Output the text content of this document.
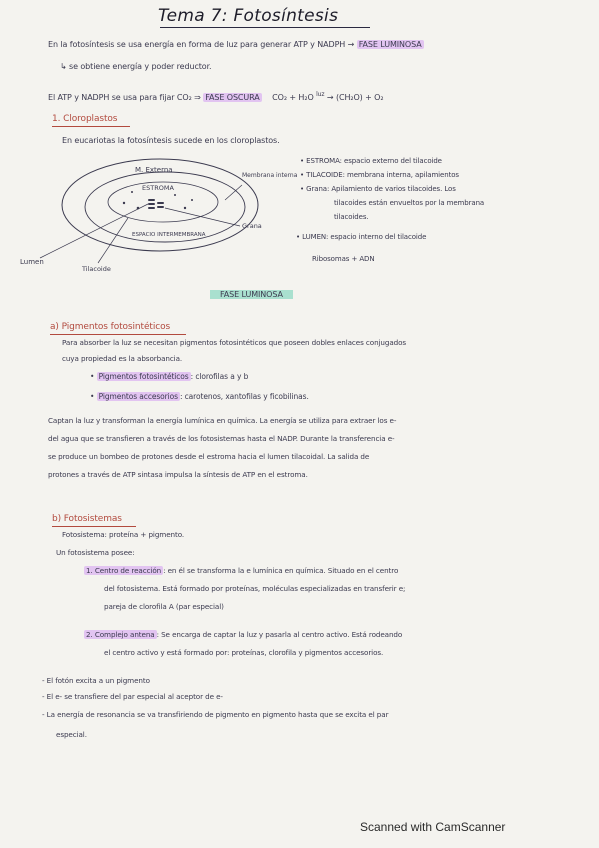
Tema 7: Fotosíntesis
En la fotosíntesis se usa energía en forma de luz para generar ATP y NADPH → FASE LUMINOSA
↳ se obtiene energía y poder reductor.
El ATP y NADPH se usa para fijar CO₂ ⇒ FASE OSCURA CO₂ + H₂O $^{luz}$ → (CH₂O) + O₂
1. Cloroplastos
En eucariotas la fotosíntesis sucede en los cloroplastos.
M. Externa
ESTROMA
ESPACIO INTERMEMBRANA
Membrana interna
Grana
Lumen
Tilacoide
• ESTROMA: espacio externo del tilacoide
• TILACOIDE: membrana interna, apilamientos
• Grana: Apilamiento de varios tilacoides. Los
tilacoides están envueltos por la membrana
tilacoides.
• LUMEN: espacio interno del tilacoide
Ribosomas + ADN
FASE LUMINOSA
a) Pigmentos fotosintéticos
Para absorber la luz se necesitan pigmentos fotosintéticos que poseen dobles enlaces conjugados
cuya propiedad es la absorbancia.
• Pigmentos fotosintéticos : clorofilas a y b
• Pigmentos accesorios : carotenos, xantofilas y ficobilinas.
Captan la luz y transforman la energía lumínica en química. La energía se utiliza para extraer los e-
del agua que se transfieren a través de los fotosistemas hasta el NADP. Durante la transferencia e-
se produce un bombeo de protones desde el estroma hacia el lumen tilacoidal. La salida de
protones a través de ATP sintasa impulsa la síntesis de ATP en el estroma.
b) Fotosistemas
Fotosistema: proteína + pigmento.
Un fotosistema posee:
1. Centro de reacción : en él se transforma la e lumínica en química. Situado en el centro
del fotosistema. Está formado por proteínas, moléculas especializadas en transferir e;
pareja de clorofila A (par especial)
2. Complejo antena : Se encarga de captar la luz y pasarla al centro activo. Está rodeando
el centro activo y está formado por: proteínas, clorofila y pigmentos accesorios.
- El fotón excita a un pigmento
- El e- se transfiere del par especial al aceptor de e-
- La energía de resonancia se va transfiriendo de pigmento en pigmento hasta que se excita el par
especial.
Scanned with CamScanner
